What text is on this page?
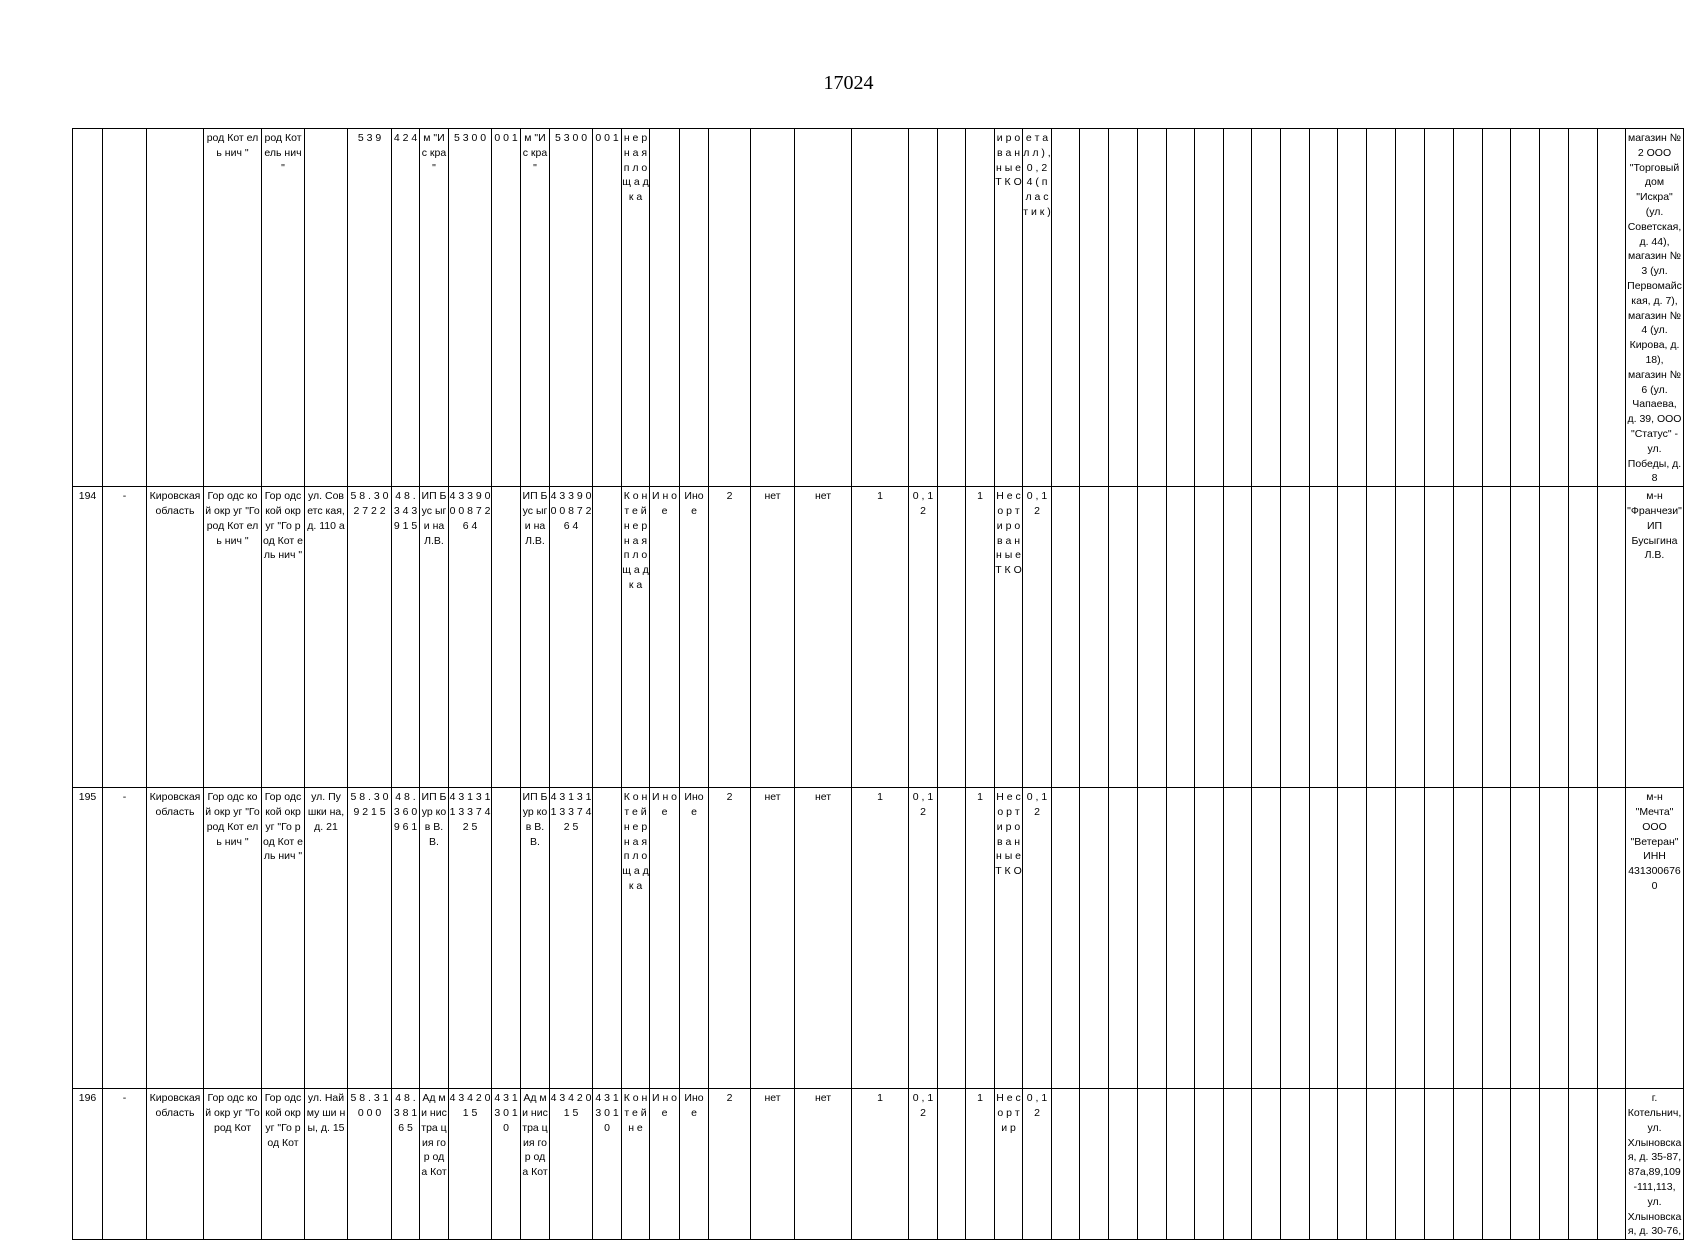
17024
			род Кот ель нич "	род Кот ель нич "		5 3 9	4 2 4	м "Ис кра "	5 3 0 0	0 0 1	м "Ис кра "	5 3 0 0	0 0 1	н е р н а я п л о щ а д к а										и р о в а н н ы е Т К О	е т а л л ) , 0 , 2 4 ( п л а с т и к )																					магазин № 2 ООО "Торговый дом "Искра" (ул. Советская, д. 44), магазин № 3 (ул. Первомайская, д. 7), магазин № 4 (ул. Кирова, д. 18), магазин № 6 (ул. Чапаева, д. 39, ООО "Статус" - ул. Победы, д. 8
194	-	Кировская область	Гор одс кой окр уг "Го род Кот ель нич "	Гор одс кой окр уг "Го род Кот ель нич "	ул. Сов етс кая, д. 110 а	5 8 . 3 0 2 7 2 2	4 8 . 3 4 3 9 1 5	ИП Бус ыги на Л.В.	4 3 3 9 0 0 0 8 7 2 6 4		ИП Бус ыги на Л.В.	4 3 3 9 0 0 0 8 7 2 6 4		К о н т е й н е р н а я п л о щ а д к а	И н о е	Ино е	2	нет	нет	1	0 , 1 2		1	Н е с о р т и р о в а н н ы е Т К О	0 , 1 2																					м-н "Франчези" ИП Бусыгина Л.В.
195	-	Кировская область	Гор одс кой окр уг "Го род Кот ель нич "	Гор одс кой окр уг "Го род Кот ель нич "	ул. Пу шки на, д. 21	5 8 . 3 0 9 2 1 5	4 8 . 3 6 0 9 6 1	ИП Бур ков В.В.	4 3 1 3 1 1 3 3 7 4 2 5		ИП Бур ков В.В.	4 3 1 3 1 1 3 3 7 4 2 5		К о н т е й н е р н а я п л о щ а д к а	И н о е	Ино е	2	нет	нет	1	0 , 1 2		1	Н е с о р т и р о в а н н ы е Т К О	0 , 1 2																					м-н "Мечта" ООО "Ветеран" ИНН 4313006760
196	-	Кировская область	Гор одс кой окр уг "Го род Кот	Гор одс кой окр уг "Го род Кот	ул. Най му ши ны, д. 15	5 8 . 3 1 0 0 0	4 8 . 3 8 1 6 5	Ад ми нис тра ция гор ода Кот	4 3 4 2 0 1 5	4 3 1 3 0 1 0	Ад ми нис тра ция гор ода Кот	4 3 4 2 0 1 5	4 3 1 3 0 1 0	К о н т е й н е	И н о е	Ино е	2	нет	нет	1	0 , 1 2		1	Н е с о р т и р	0 , 1 2																					г. Котельнич, ул. Хлыновская, д. 35-87, 87а,89,109-111,113, ул. Хлыновская, д. 30-76,
